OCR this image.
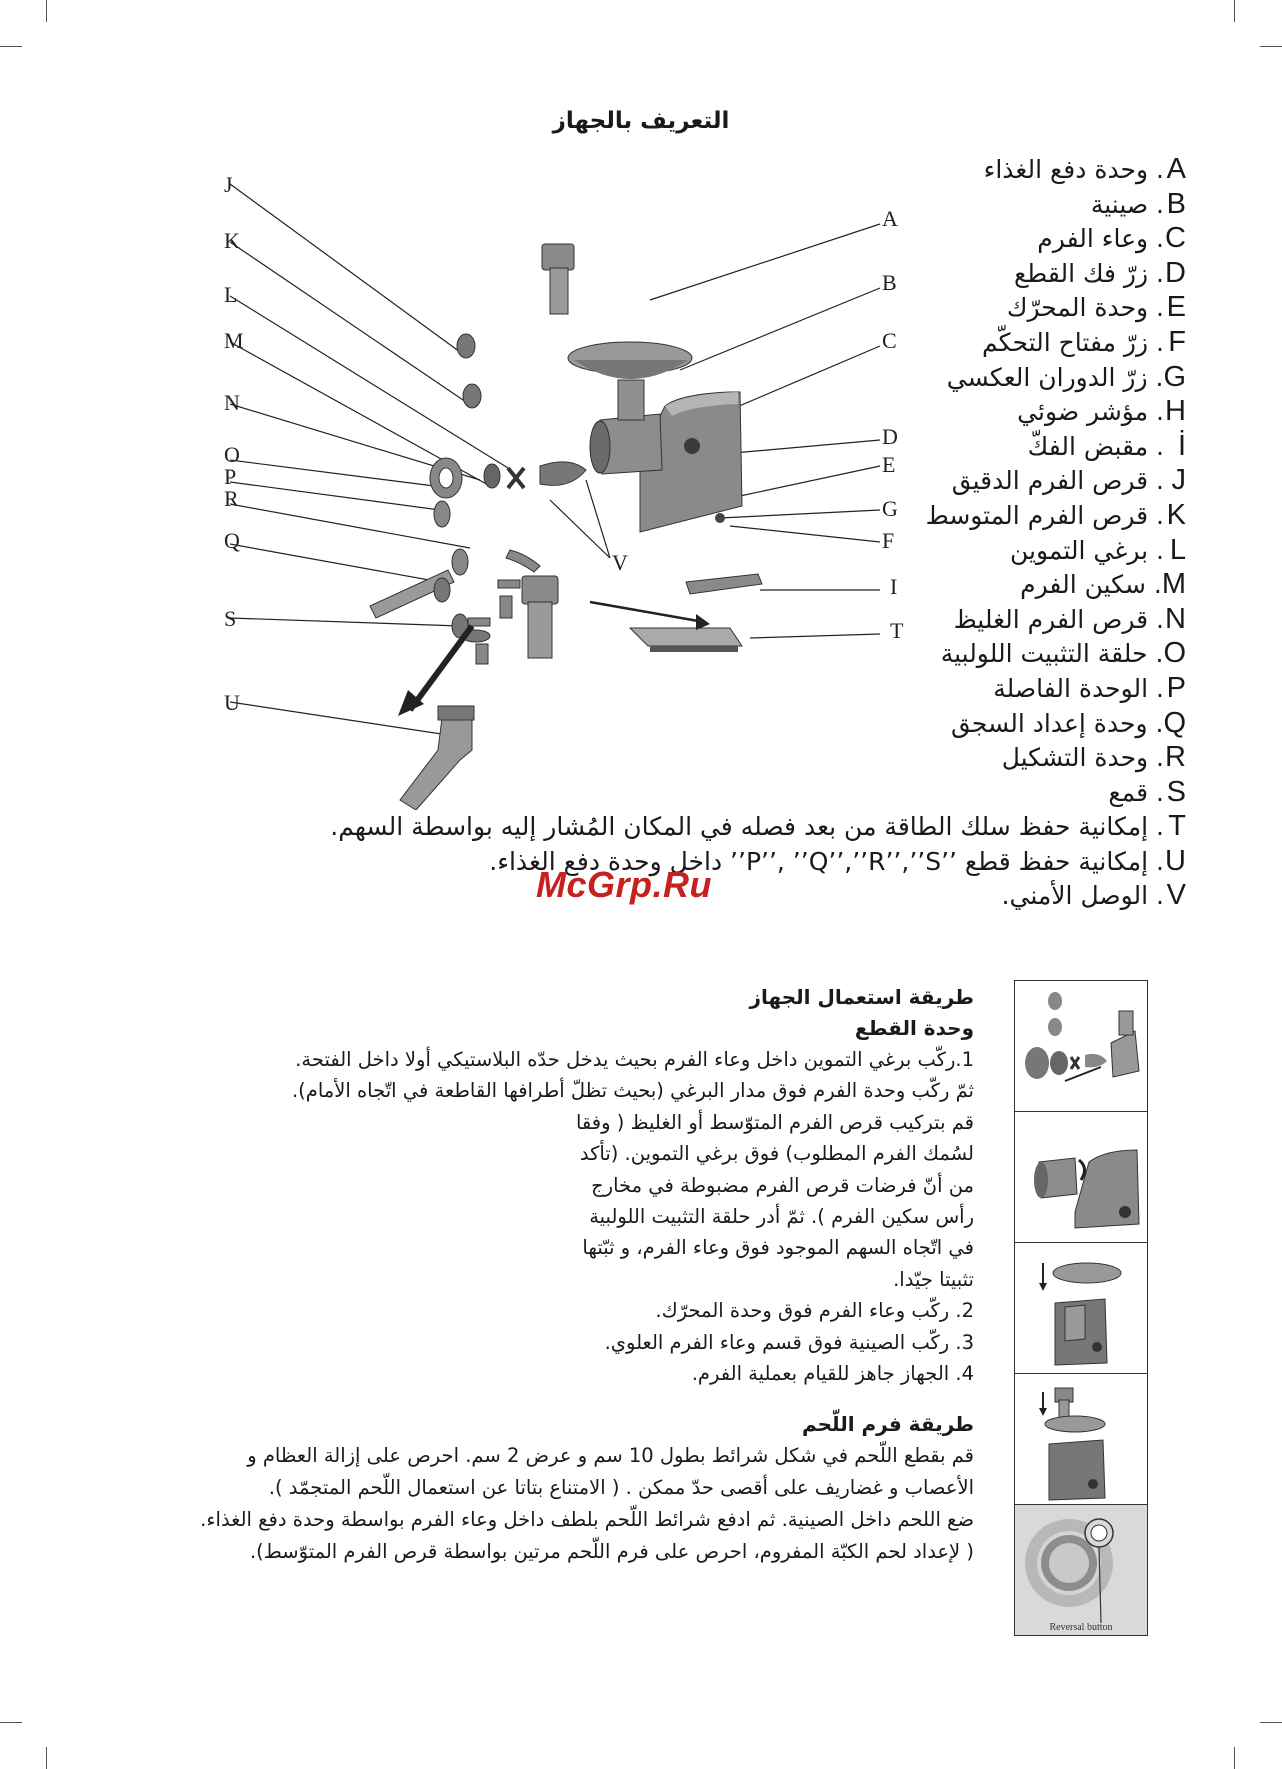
التعريف بالجهاز
J
K
L
M
N
O
P
R
Q
S
U
A
B
C
D
E
G
F
I
T
V
A. وحدة دفع الغذاء
B. صينية
C. وعاء الفرم
D. زرّ فك القطع
E. وحدة المحرّك
F. زرّ مفتاح التحكّم
G. زرّ الدوران العكسي
H. مؤشر ضوئي
İ. مقبض الفكّ
J. قرص الفرم الدقيق
K. قرص الفرم المتوسط
L. برغي التموين
M. سكين الفرم
N. قرص الفرم الغليظ
O. حلقة التثبيت اللولبية
P. الوحدة الفاصلة
Q. وحدة إعداد السجق
R. وحدة التشكيل
S. قمع
T. إمكانية حفظ سلك الطاقة من بعد فصله في المكان المُشار إليه بواسطة السهم.
U. إمكانية حفظ قطع ’’P’’, ’’Q’’,’’R’’,’’S’’ داخل وحدة دفع الغذاء.
V. الوصل الأمني.
McGrp.Ru
طريقة استعمال الجهاز
وحدة القطع

1.ركّب برغي التموين داخل وعاء الفرم بحيث يدخل حدّه البلاستيكي أولا داخل الفتحة.

ثمّ ركّب وحدة الفرم فوق مدار البرغي (بحيث تظلّ أطرافها القاطعة في اتّجاه الأمام).

قم بتركيب قرص الفرم المتوّسط أو الغليظ ( وفقا

لسُمك الفرم المطلوب) فوق برغي التموين. (تأكد

من أنّ فرضات قرص الفرم مضبوطة في مخارج

رأس سكين الفرم ). ثمّ أدر حلقة التثبيت اللولبية

في اتّجاه السهم الموجود فوق وعاء الفرم، و ثبّتها

تثبيتا جيّدا.

2. ركّب وعاء الفرم فوق وحدة المحرّك.

3. ركّب الصينية فوق قسم وعاء الفرم العلوي.

4. الجهاز جاهز للقيام بعملية الفرم.

طريقة فرم اللّحم

قم بقطع اللّحم في شكل شرائط بطول 10 سم و عرض 2 سم. احرص على إزالة العظام و

الأعصاب و غضاريف على أقصى حدّ ممكن . ( الامتناع بتاتا عن استعمال اللّحم المتجمّد ).

ضع اللحم داخل الصينية. ثم ادفع شرائط اللّحم بلطف داخل وعاء الفرم بواسطة وحدة دفع الغذاء.

( لإعداد لحم الكبّة المفروم، احرص على فرم اللّحم مرتين بواسطة قرص الفرم المتوّسط).

Reversal button
